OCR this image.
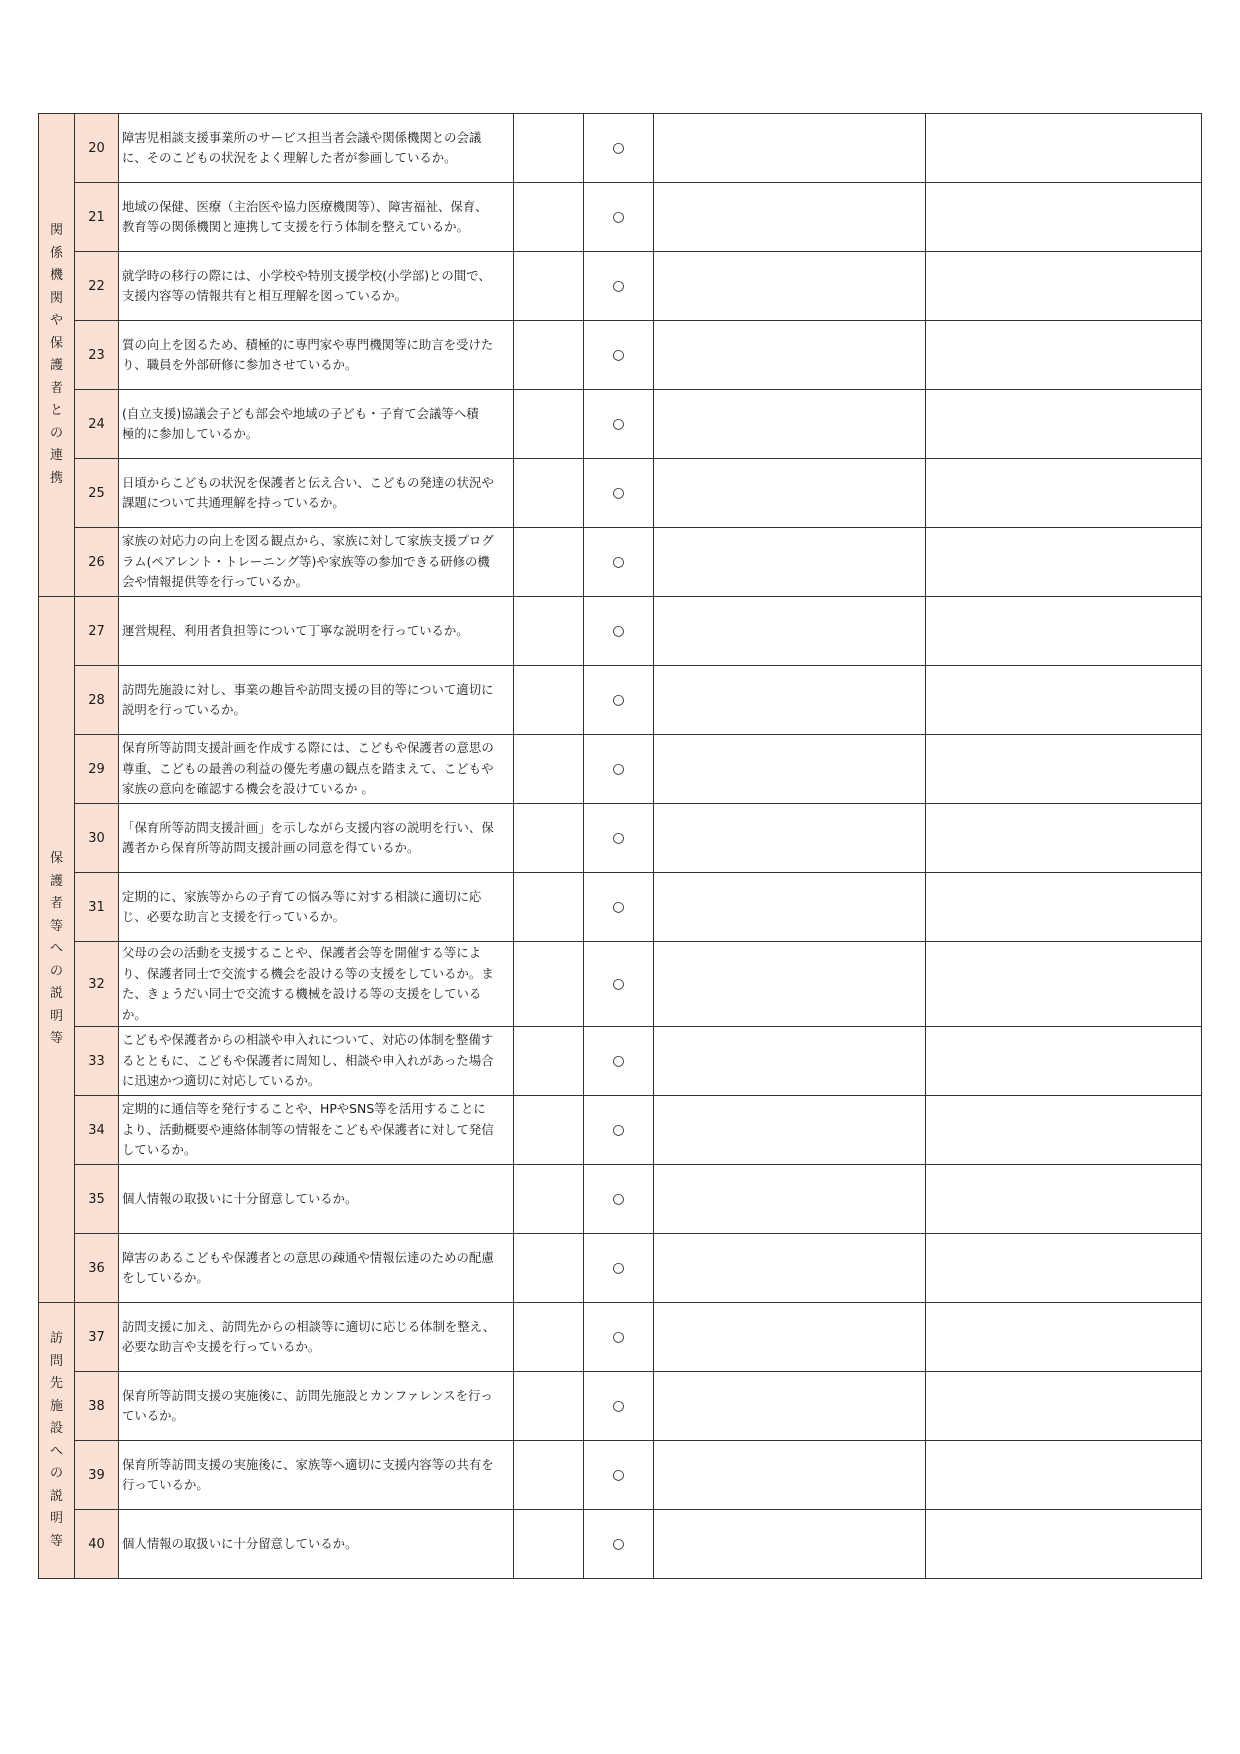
関係機関や保護者との連携	20	障害児相談支援事業所のサービス担当者会議や関係機関との会議
に、そのこどもの状況をよく理解した者が参画しているか。		○		
	21	地域の保健、医療（主治医や協力医療機関等）、障害福祉、保育、
教育等の関係機関と連携して支援を行う体制を整えているか。		○		
	22	就学時の移行の際には、小学校や特別支援学校(小学部)との間で、
支援内容等の情報共有と相互理解を図っているか。		○		
	23	質の向上を図るため、積極的に専門家や専門機関等に助言を受けた
り、職員を外部研修に参加させているか。		○		
	24	(自立支援)協議会子ども部会や地域の子ども・子育て会議等へ積
極的に参加しているか。		○		
	25	日頃からこどもの状況を保護者と伝え合い、こどもの発達の状況や
課題について共通理解を持っているか。		○		
	26	家族の対応力の向上を図る観点から、家族に対して家族支援プログ
ラム(ペアレント・トレーニング等)や家族等の参加できる研修の機
会や情報提供等を行っているか。		○		
保護者等への説明等	27	運営規程、利用者負担等について丁寧な説明を行っているか。		○		
	28	訪問先施設に対し、事業の趣旨や訪問支援の目的等について適切に
説明を行っているか。		○		
	29	保育所等訪問支援計画を作成する際には、こどもや保護者の意思の
尊重、こどもの最善の利益の優先考慮の観点を踏まえて、こどもや
家族の意向を確認する機会を設けているか 。		○		
	30	「保育所等訪問支援計画」を示しながら支援内容の説明を行い、保
護者から保育所等訪問支援計画の同意を得ているか。		○		
	31	定期的に、家族等からの子育ての悩み等に対する相談に適切に応
じ、必要な助言と支援を行っているか。		○		
	32	父母の会の活動を支援することや、保護者会等を開催する等によ
り、保護者同士で交流する機会を設ける等の支援をしているか。ま
た、きょうだい同士で交流する機械を設ける等の支援をしている
か。		○		
	33	こどもや保護者からの相談や申入れについて、対応の体制を整備す
るとともに、こどもや保護者に周知し、相談や申入れがあった場合
に迅速かつ適切に対応しているか。		○		
	34	定期的に通信等を発行することや、HPやSNS等を活用することに
より、活動概要や連絡体制等の情報をこどもや保護者に対して発信
しているか。		○		
	35	個人情報の取扱いに十分留意しているか。		○		
	36	障害のあるこどもや保護者との意思の疎通や情報伝達のための配慮
をしているか。		○		
訪問先施設への説明等	37	訪問支援に加え、訪問先からの相談等に適切に応じる体制を整え、
必要な助言や支援を行っているか。		○		
	38	保育所等訪問支援の実施後に、訪問先施設とカンファレンスを行っ
ているか。		○		
	39	保育所等訪問支援の実施後に、家族等へ適切に支援内容等の共有を
行っているか。		○		
	40	個人情報の取扱いに十分留意しているか。		○		
